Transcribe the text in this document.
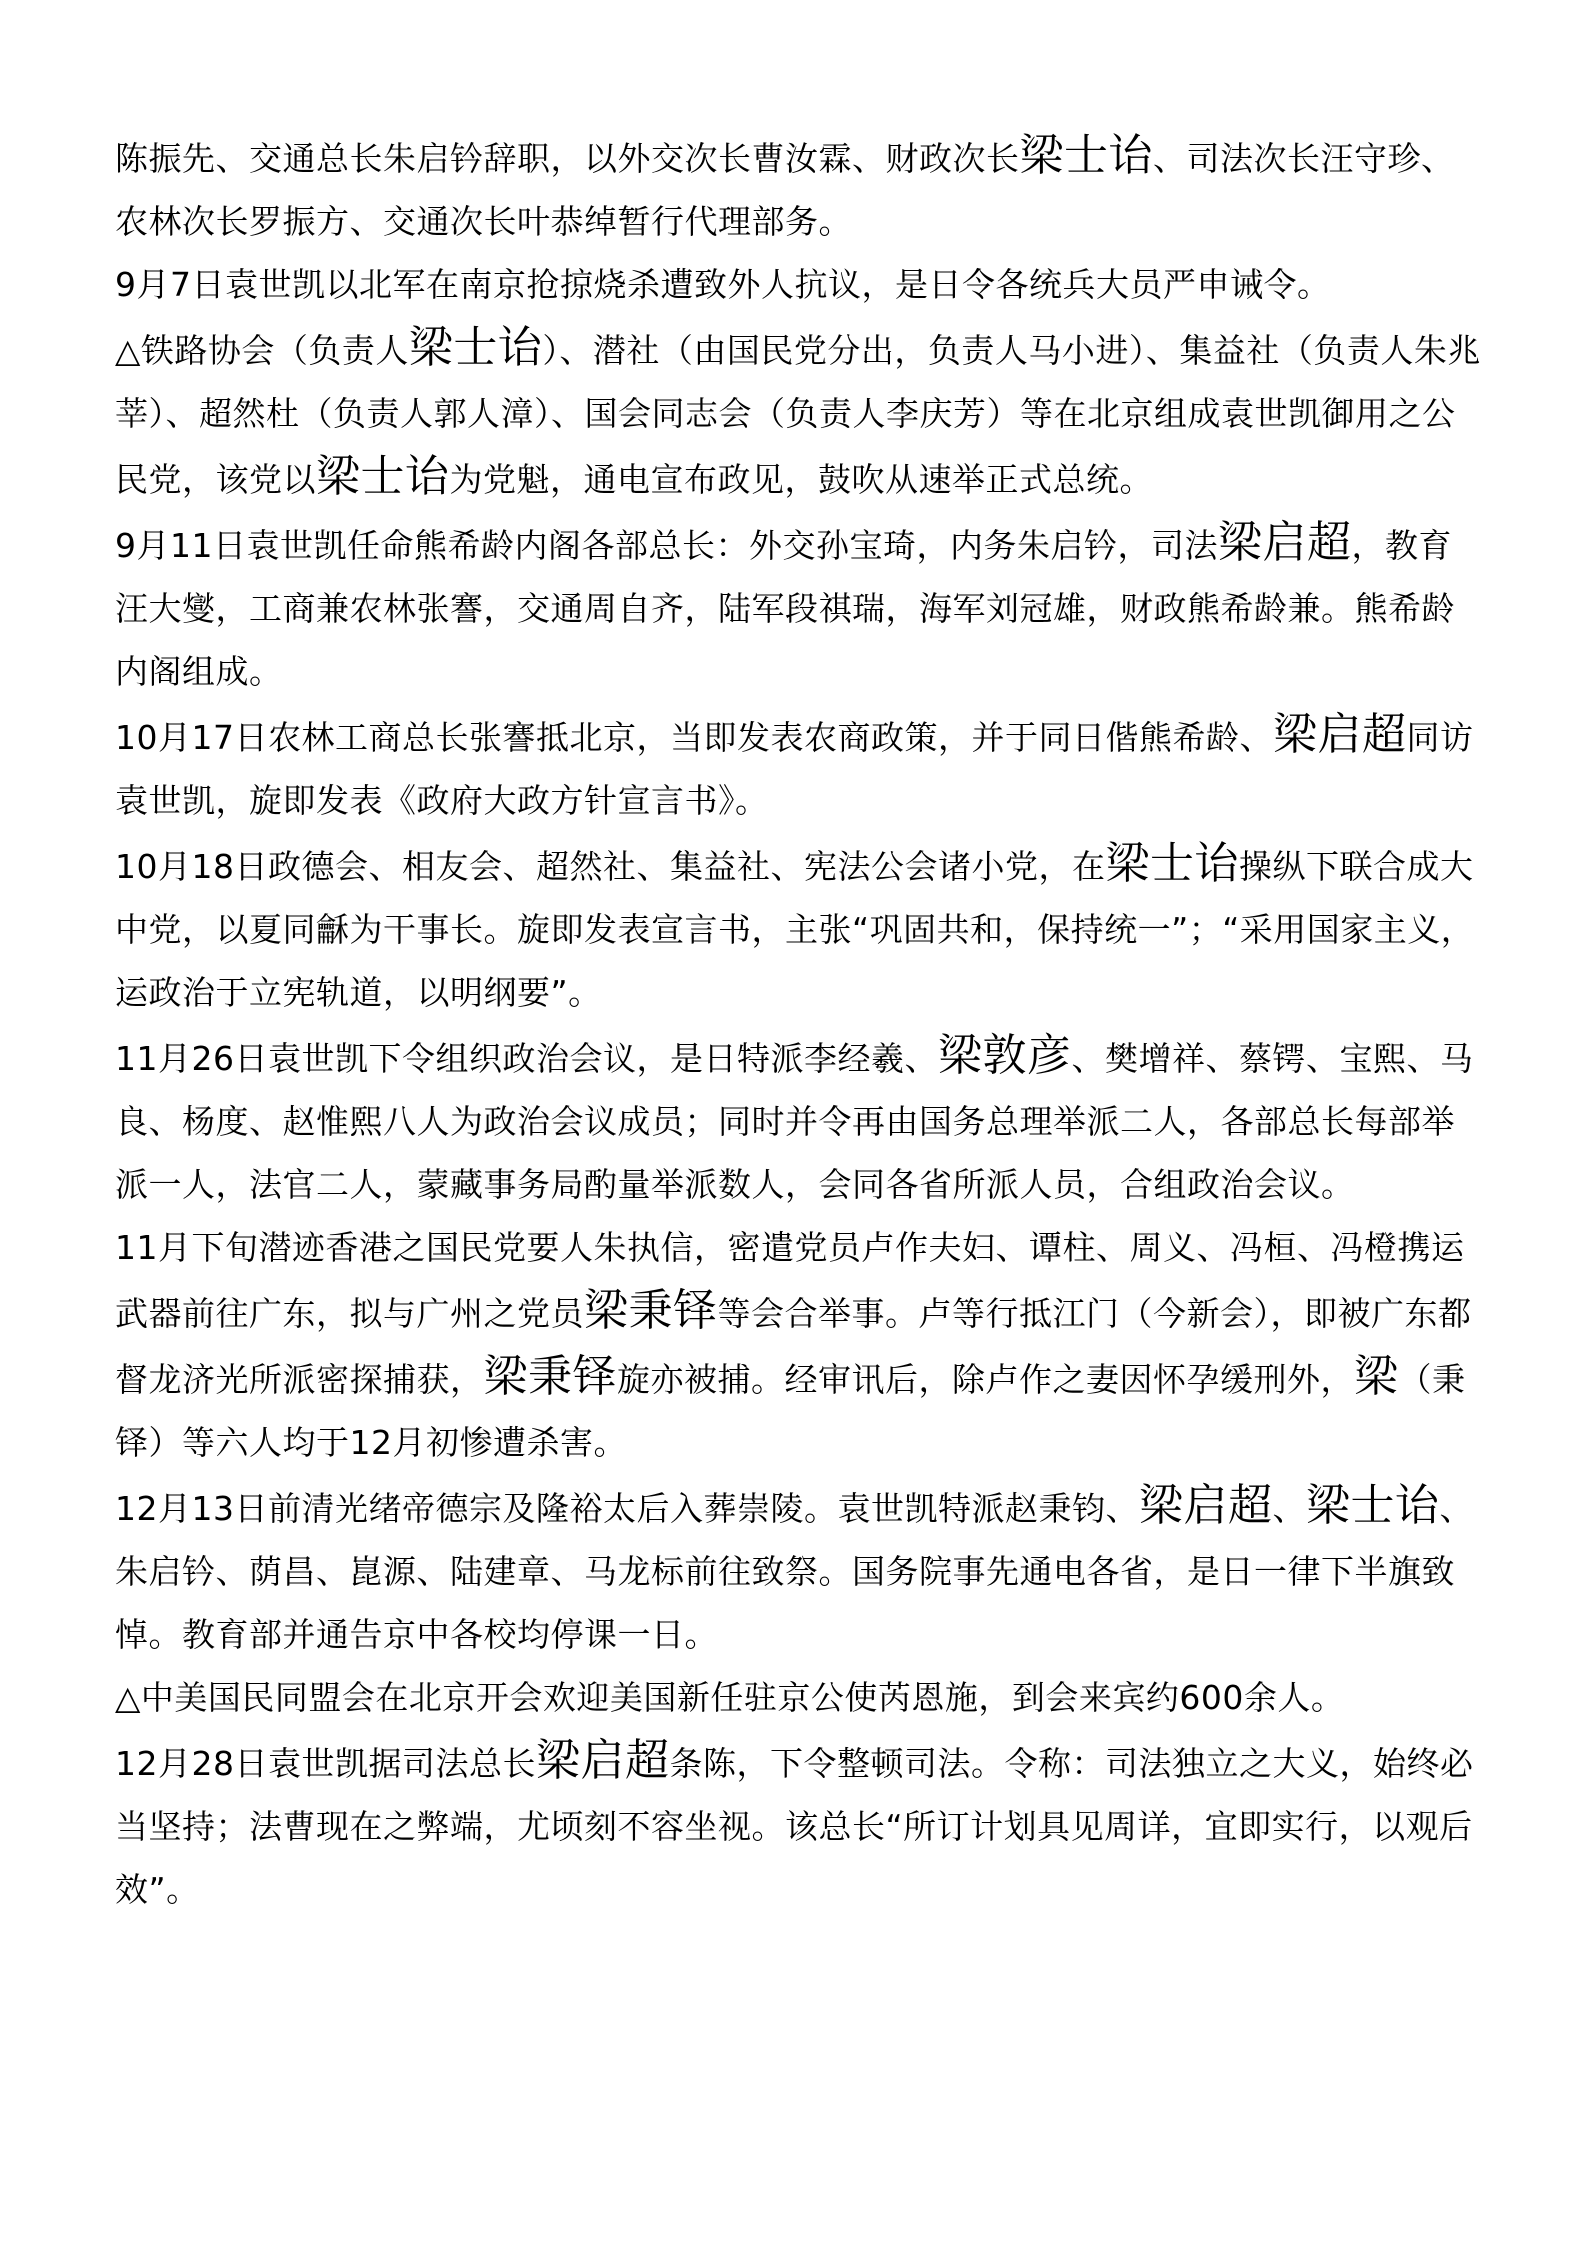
陈振先、交通总长朱启钤辞职，以外交次长曹汝霖、财政次长梁士诒、司法次长汪守珍、农林次长罗振方、交通次长叶恭绰暂行代理部务。

9月7日袁世凯以北军在南京抢掠烧杀遭致外人抗议，是日令各统兵大员严申诫令。

△铁路协会（负责人梁士诒）、潜社（由国民党分出，负责人马小进）、集益社（负责人朱兆莘）、超然杜（负责人郭人漳）、国会同志会（负责人李庆芳）等在北京组成袁世凯御用之公民党，该党以梁士诒为党魁，通电宣布政见，鼓吹从速举正式总统。

9月11日袁世凯任命熊希龄内阁各部总长：外交孙宝琦，内务朱启钤，司法梁启超，教育汪大燮，工商兼农林张謇，交通周自齐，陆军段祺瑞，海军刘冠雄，财政熊希龄兼。熊希龄内阁组成。

10月17日农林工商总长张謇抵北京，当即发表农商政策，并于同日偕熊希龄、梁启超同访袁世凯，旋即发表《政府大政方针宣言书》。

10月18日政德会、相友会、超然社、集益社、宪法公会诸小党，在梁士诒操纵下联合成大中党，以夏同龢为干事长。旋即发表宣言书，主张“巩固共和，保持统一”；“采用国家主义，运政治于立宪轨道，以明纲要”。

11月26日袁世凯下令组织政治会议，是日特派李经羲、梁敦彦、樊增祥、蔡锷、宝熙、马良、杨度、赵惟熙八人为政治会议成员；同时并令再由国务总理举派二人，各部总长每部举派一人，法官二人，蒙藏事务局酌量举派数人，会同各省所派人员，合组政治会议。

11月下旬潜迹香港之国民党要人朱执信，密遣党员卢作夫妇、谭柱、周义、冯桓、冯橙携运武器前往广东，拟与广州之党员梁秉铎等会合举事。卢等行抵江门（今新会），即被广东都督龙济光所派密探捕获，梁秉铎旋亦被捕。经审讯后，除卢作之妻因怀孕缓刑外，梁（秉铎）等六人均于12月初惨遭杀害。

12月13日前清光绪帝德宗及隆裕太后入葬崇陵。袁世凯特派赵秉钧、梁启超、梁士诒、朱启钤、荫昌、崑源、陆建章、马龙标前往致祭。国务院事先通电各省，是日一律下半旗致悼。教育部并通告京中各校均停课一日。

△中美国民同盟会在北京开会欢迎美国新任驻京公使芮恩施，到会来宾约600余人。

12月28日袁世凯据司法总长梁启超条陈，下令整顿司法。令称：司法独立之大义，始终必当坚持；法曹现在之弊端，尤顷刻不容坐视。该总长“所订计划具见周详，宜即实行，以观后效”。
